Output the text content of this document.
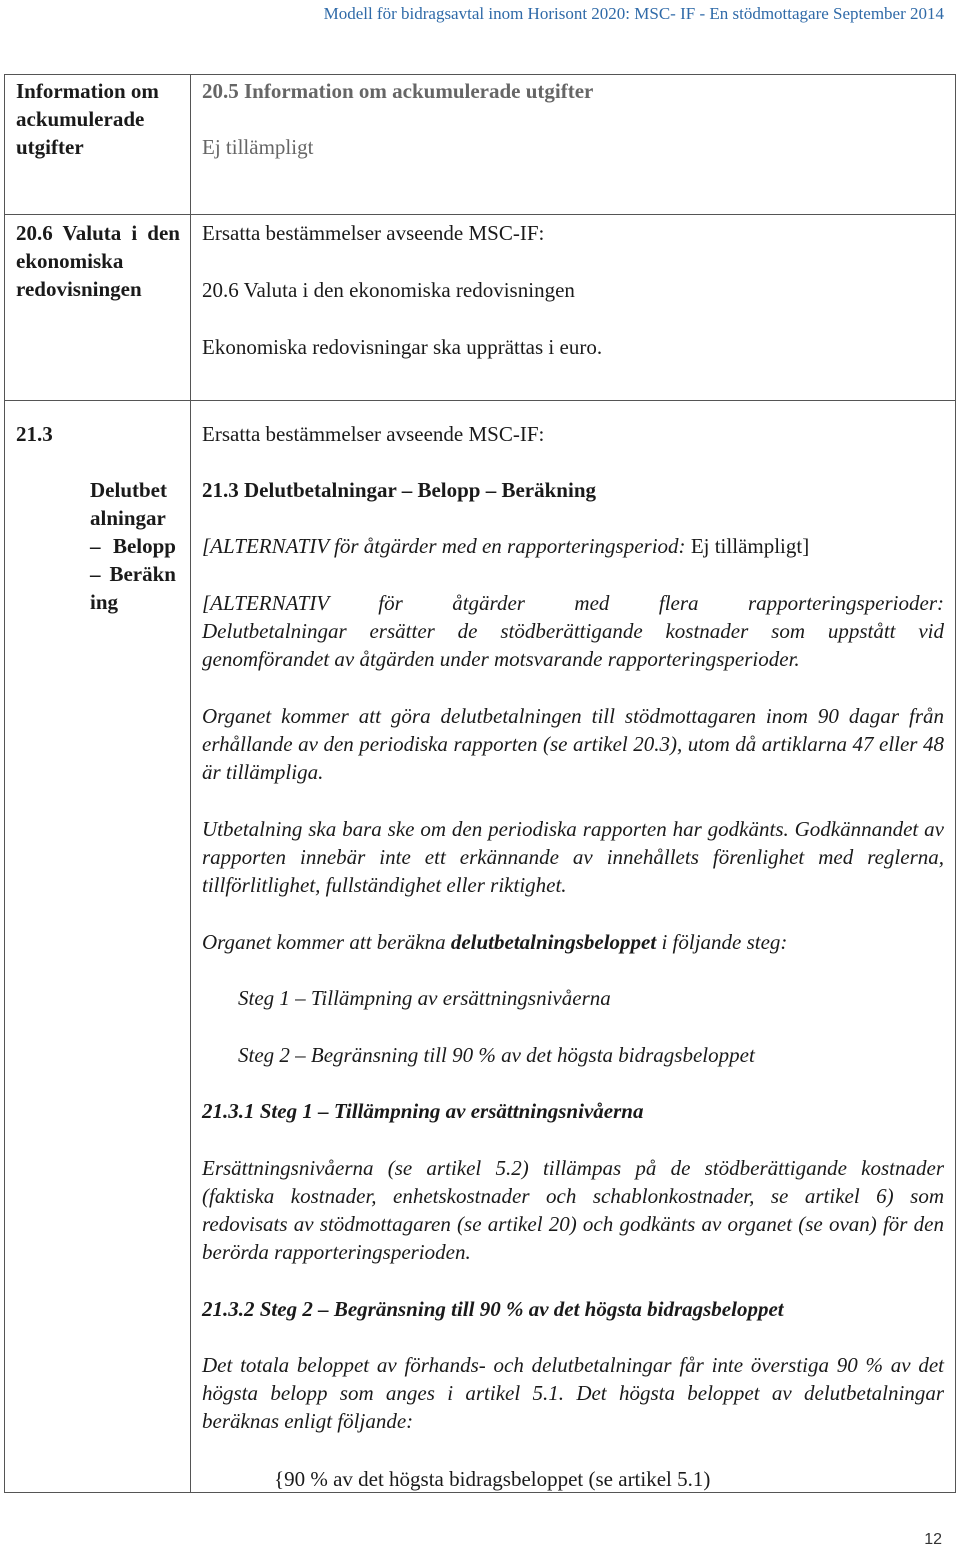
Modell för bidragsavtal inom Horisont 2020: MSC- IF - En stödmottagare September 2014

Information om ackumulerade utgifter

20.6 Valuta i den ekonomiska redovisningen

21.3

Delutbetalningar – Belopp – Beräkning

20.5 Information om ackumulerade utgifter

Ej tillämpligt

Ersatta bestämmelser avseende MSC-IF:

20.6 Valuta i den ekonomiska redovisningen

Ekonomiska redovisningar ska upprättas i euro.

Ersatta bestämmelser avseende MSC-IF:

21.3 Delutbetalningar – Belopp – Beräkning

[ALTERNATIV för åtgärder med en rapporteringsperiod: Ej tillämpligt]

[ALTERNATIV för åtgärder med flera rapporteringsperioder:

Delutbetalningar ersätter de stödberättigande kostnader som uppstått vid genomförandet av åtgärden under motsvarande rapporteringsperioder.

Organet kommer att göra delutbetalningen till stödmottagaren inom 90 dagar från erhållande av den periodiska rapporten (se artikel 20.3), utom då artiklarna 47 eller 48 är tillämpliga.

Utbetalning ska bara ske om den periodiska rapporten har godkänts. Godkännandet av rapporten innebär inte ett erkännande av innehållets förenlighet med reglerna, tillförlitlighet, fullständighet eller riktighet.

Organet kommer att beräkna delutbetalningsbeloppet i följande steg:

Steg 1 – Tillämpning av ersättningsnivåerna

Steg 2 – Begränsning till 90 % av det högsta bidragsbeloppet

21.3.1 Steg 1 – Tillämpning av ersättningsnivåerna

Ersättningsnivåerna (se artikel 5.2) tillämpas på de stödberättigande kostnader (faktiska kostnader, enhetskostnader och schablonkostnader, se artikel 6) som redovisats av stödmottagaren (se artikel 20) och godkänts av organet (se ovan) för den berörda rapporteringsperioden.

21.3.2 Steg 2 – Begränsning till 90 % av det högsta bidragsbeloppet

Det totala beloppet av förhands- och delutbetalningar får inte överstiga 90 % av det högsta belopp som anges i artikel 5.1. Det högsta beloppet av delutbetalningar beräknas enligt följande:

{90 % av det högsta bidragsbeloppet (se artikel 5.1)

12
